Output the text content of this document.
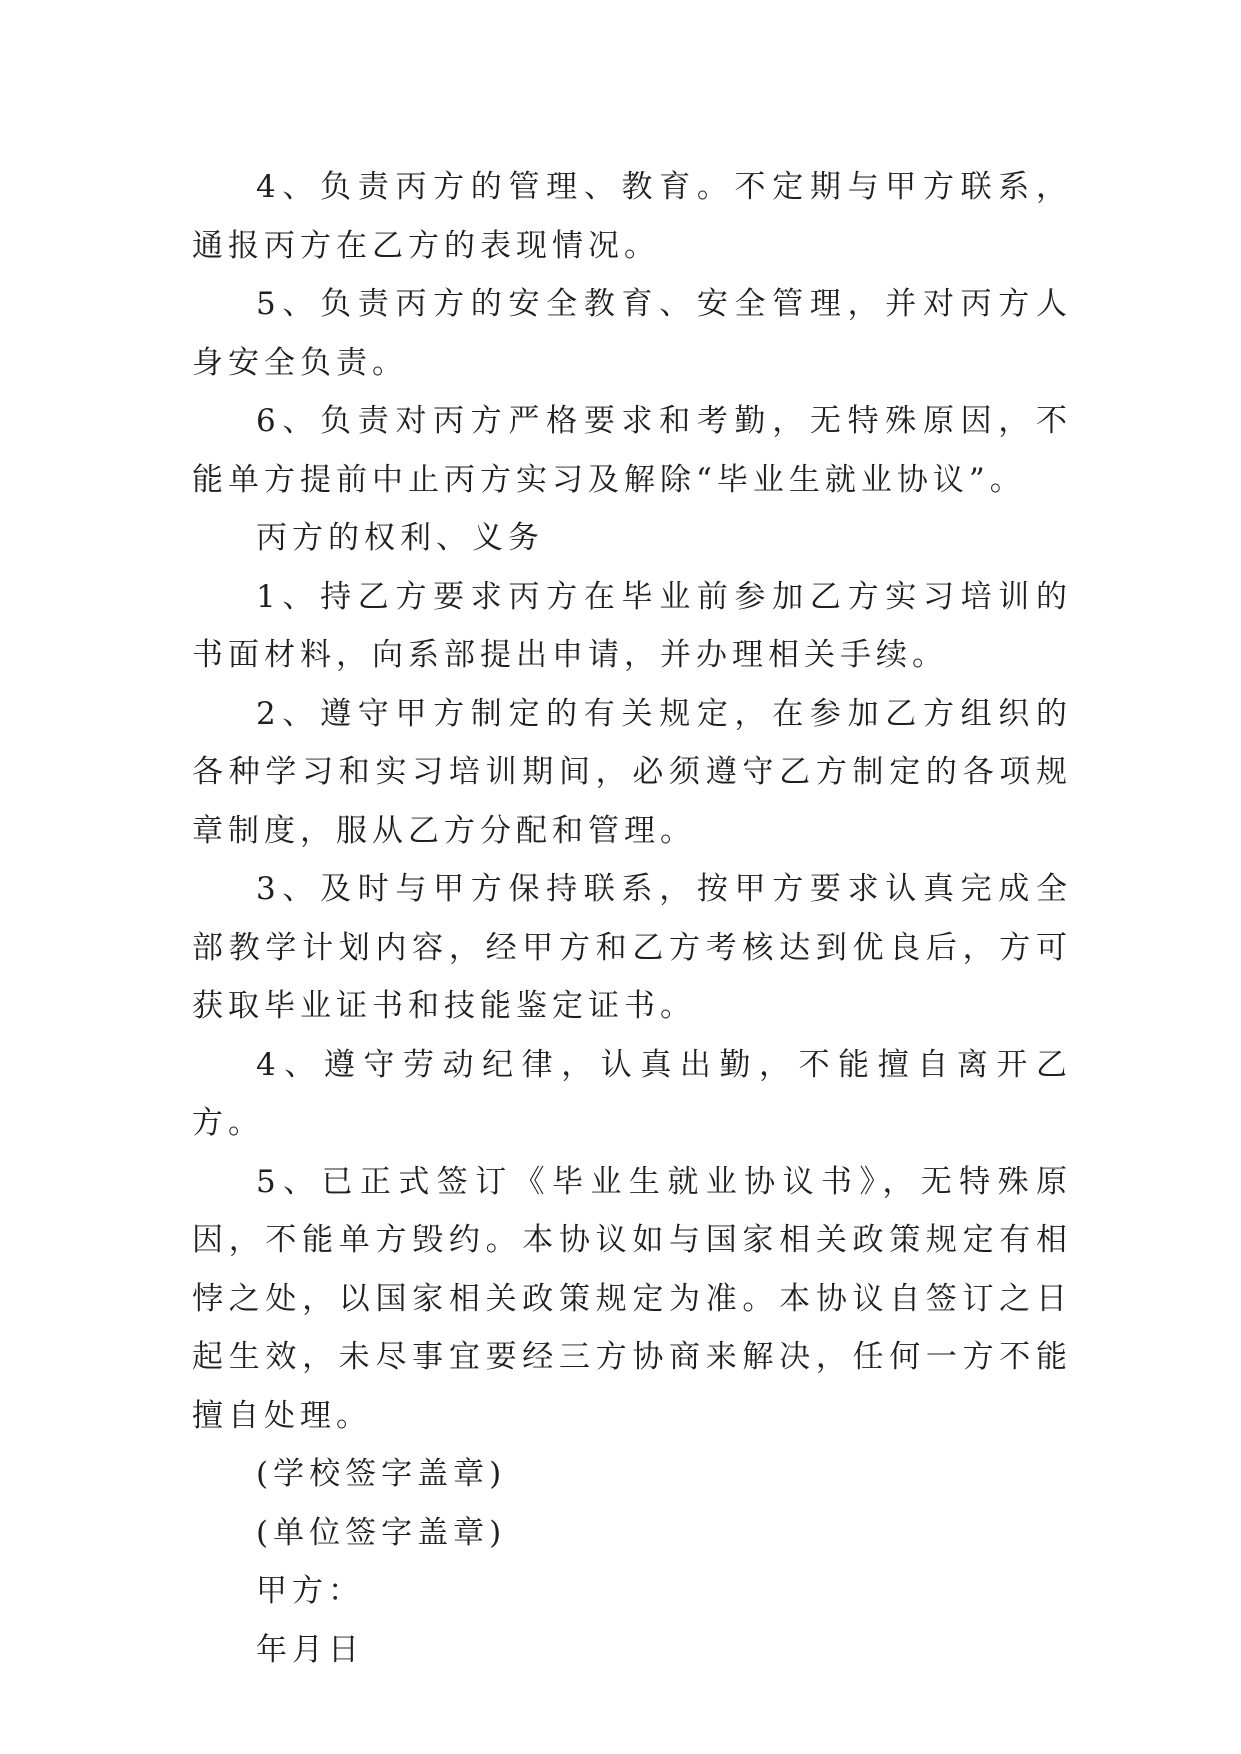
4、负责丙方的管理、教育。不定期与甲方联系，通报丙方在乙方的表现情况。

5、负责丙方的安全教育、安全管理，并对丙方人身安全负责。

6、负责对丙方严格要求和考勤，无特殊原因，不能单方提前中止丙方实习及解除“毕业生就业协议”。

丙方的权利、义务

1、持乙方要求丙方在毕业前参加乙方实习培训的书面材料，向系部提出申请，并办理相关手续。

2、遵守甲方制定的有关规定，在参加乙方组织的各种学习和实习培训期间，必须遵守乙方制定的各项规章制度，服从乙方分配和管理。

3、及时与甲方保持联系，按甲方要求认真完成全部教学计划内容，经甲方和乙方考核达到优良后，方可获取毕业证书和技能鉴定证书。

4、遵守劳动纪律，认真出勤，不能擅自离开乙方。

5、已正式签订《毕业生就业协议书》，无特殊原因，不能单方毁约。本协议如与国家相关政策规定有相悖之处，以国家相关政策规定为准。本协议自签订之日起生效，未尽事宜要经三方协商来解决，任何一方不能擅自处理。

(学校签字盖章)

(单位签字盖章)

甲方：

年月日
